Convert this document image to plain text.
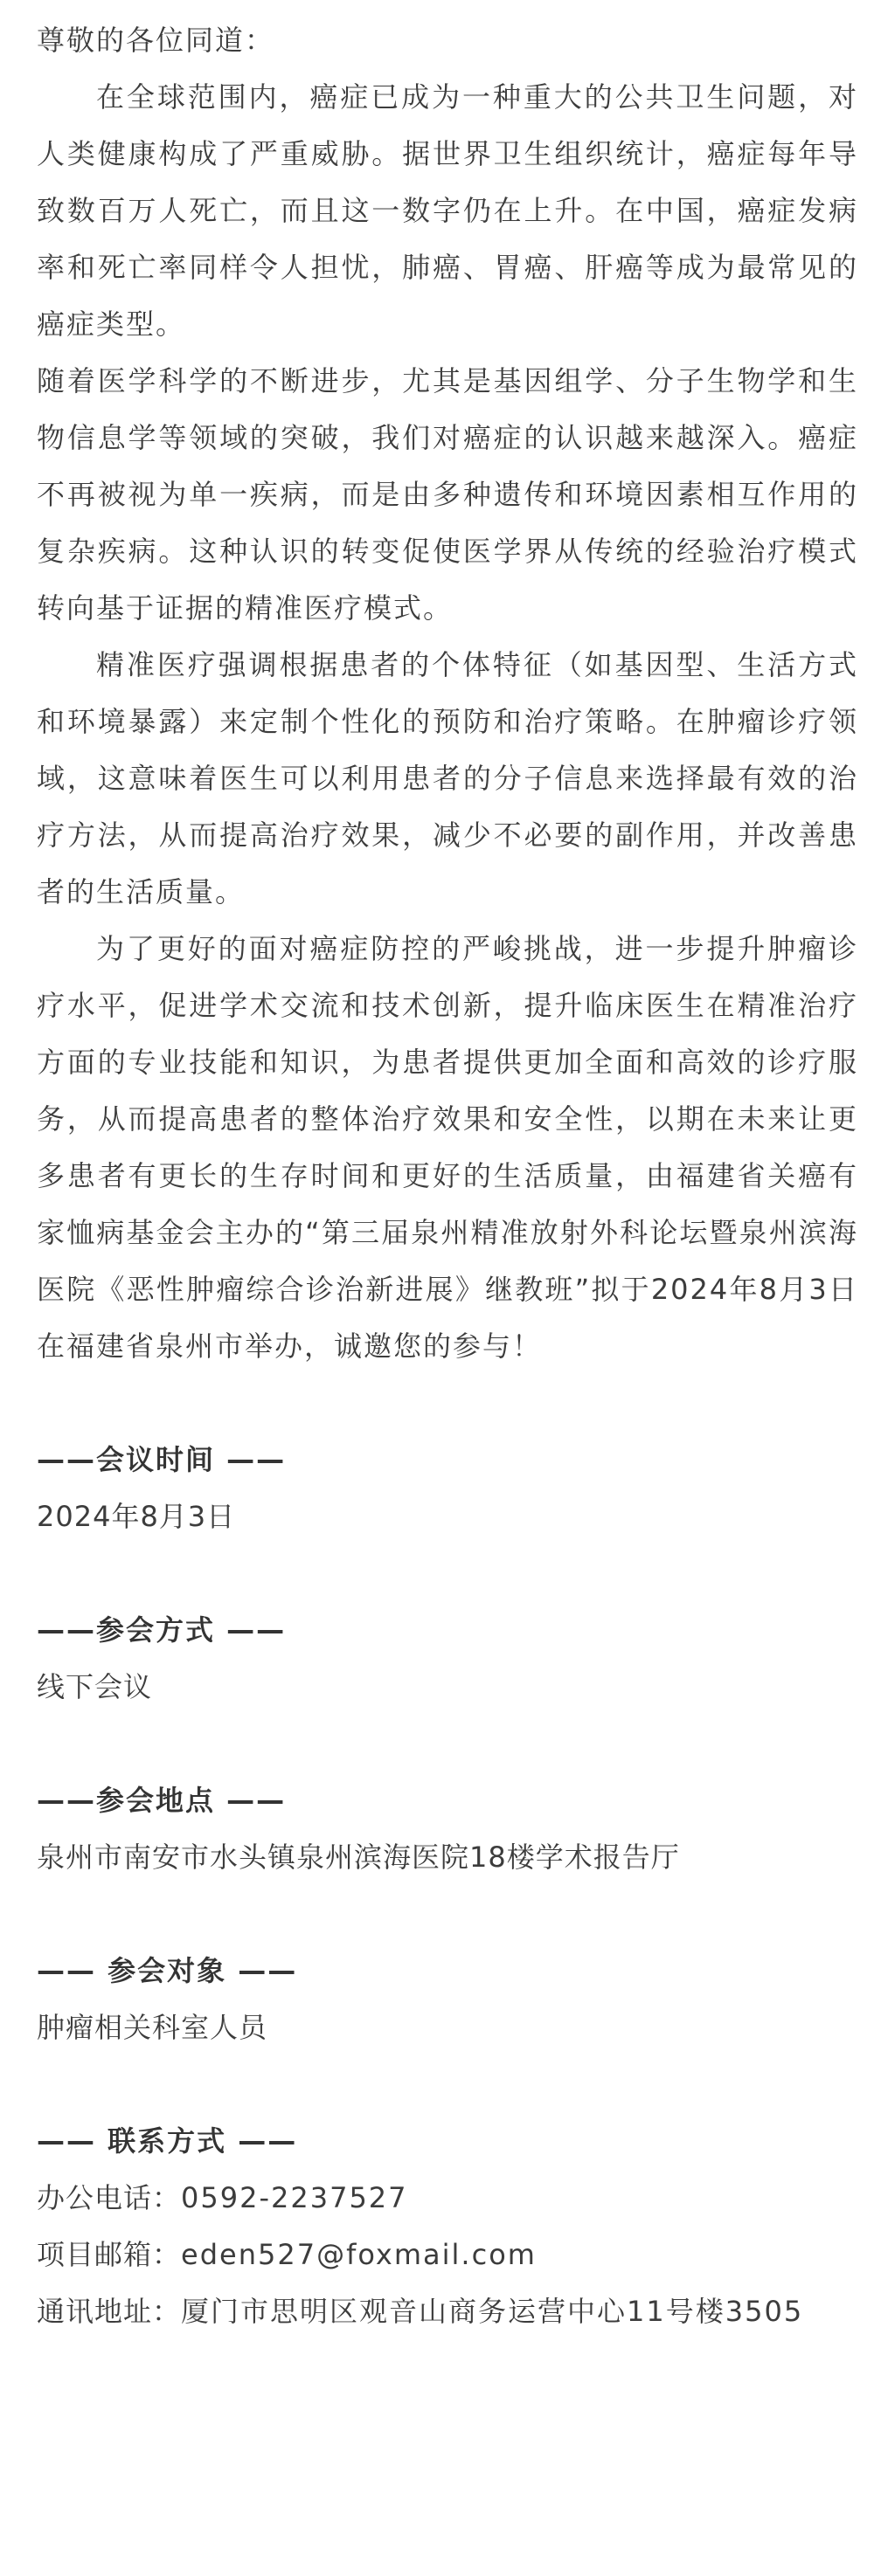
尊敬的各位同道：

在全球范围内，癌症已成为一种重大的公共卫生问题，对人类健康构成了严重威胁。据世界卫生组织统计，癌症每年导致数百万人死亡，而且这一数字仍在上升。在中国，癌症发病率和死亡率同样令人担忧，肺癌、胃癌、肝癌等成为最常见的癌症类型。

随着医学科学的不断进步，尤其是基因组学、分子生物学和生物信息学等领域的突破，我们对癌症的认识越来越深入。癌症不再被视为单一疾病，而是由多种遗传和环境因素相互作用的复杂疾病。这种认识的转变促使医学界从传统的经验治疗模式转向基于证据的精准医疗模式。

精准医疗强调根据患者的个体特征（如基因型、生活方式和环境暴露）来定制个性化的预防和治疗策略。在肿瘤诊疗领域，这意味着医生可以利用患者的分子信息来选择最有效的治疗方法，从而提高治疗效果，减少不必要的副作用，并改善患者的生活质量。

为了更好的面对癌症防控的严峻挑战，进一步提升肿瘤诊疗水平，促进学术交流和技术创新，提升临床医生在精准治疗方面的专业技能和知识，为患者提供更加全面和高效的诊疗服务，从而提高患者的整体治疗效果和安全性，以期在未来让更多患者有更长的生存时间和更好的生活质量，由福建省关癌有家恤病基金会主办的“第三届泉州精准放射外科论坛暨泉州滨海医院《恶性肿瘤综合诊治新进展》继教班”拟于2024年8月3日在福建省泉州市举办，诚邀您的参与！

——会议时间 ——

2024年8月3日

——参会方式 ——

线下会议

——参会地点 ——

泉州市南安市水头镇泉州滨海医院18楼学术报告厅

—— 参会对象 ——

肿瘤相关科室人员

—— 联系方式 ——

办公电话：0592-2237527

项目邮箱：eden527@foxmail.com

通讯地址：厦门市思明区观音山商务运营中心11号楼3505
